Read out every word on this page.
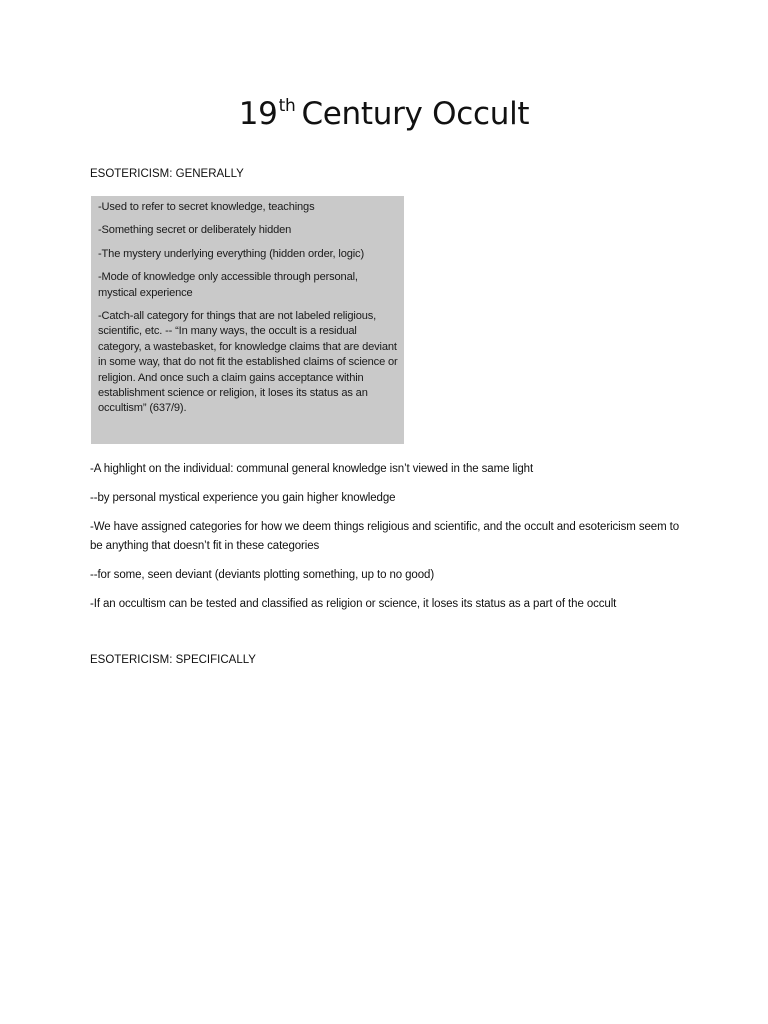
19th Century Occult
ESOTERICISM: GENERALLY

-Used to refer to secret knowledge, teachings

-Something secret or deliberately hidden

-The mystery underlying everything (hidden order, logic)

-Mode of knowledge only accessible through personal, mystical experience

-Catch-all category for things that are not labeled religious, scientific, etc. -- “In many ways, the occult is a residual category, a wastebasket, for knowledge claims that are deviant in some way, that do not fit the established claims of science or religion. And once such a claim gains acceptance within establishment science or religion, it loses its status as an occultism” (637/9).

-A highlight on the individual: communal general knowledge isn’t viewed in the same light

--by personal mystical experience you gain higher knowledge

-We have assigned categories for how we deem things religious and scientific, and the occult and esotericism seem to be anything that doesn’t fit in these categories

--for some, seen deviant (deviants plotting something, up to no good)

-If an occultism can be tested and classified as religion or science, it loses its status as a part of the occult

ESOTERICISM: SPECIFICALLY
